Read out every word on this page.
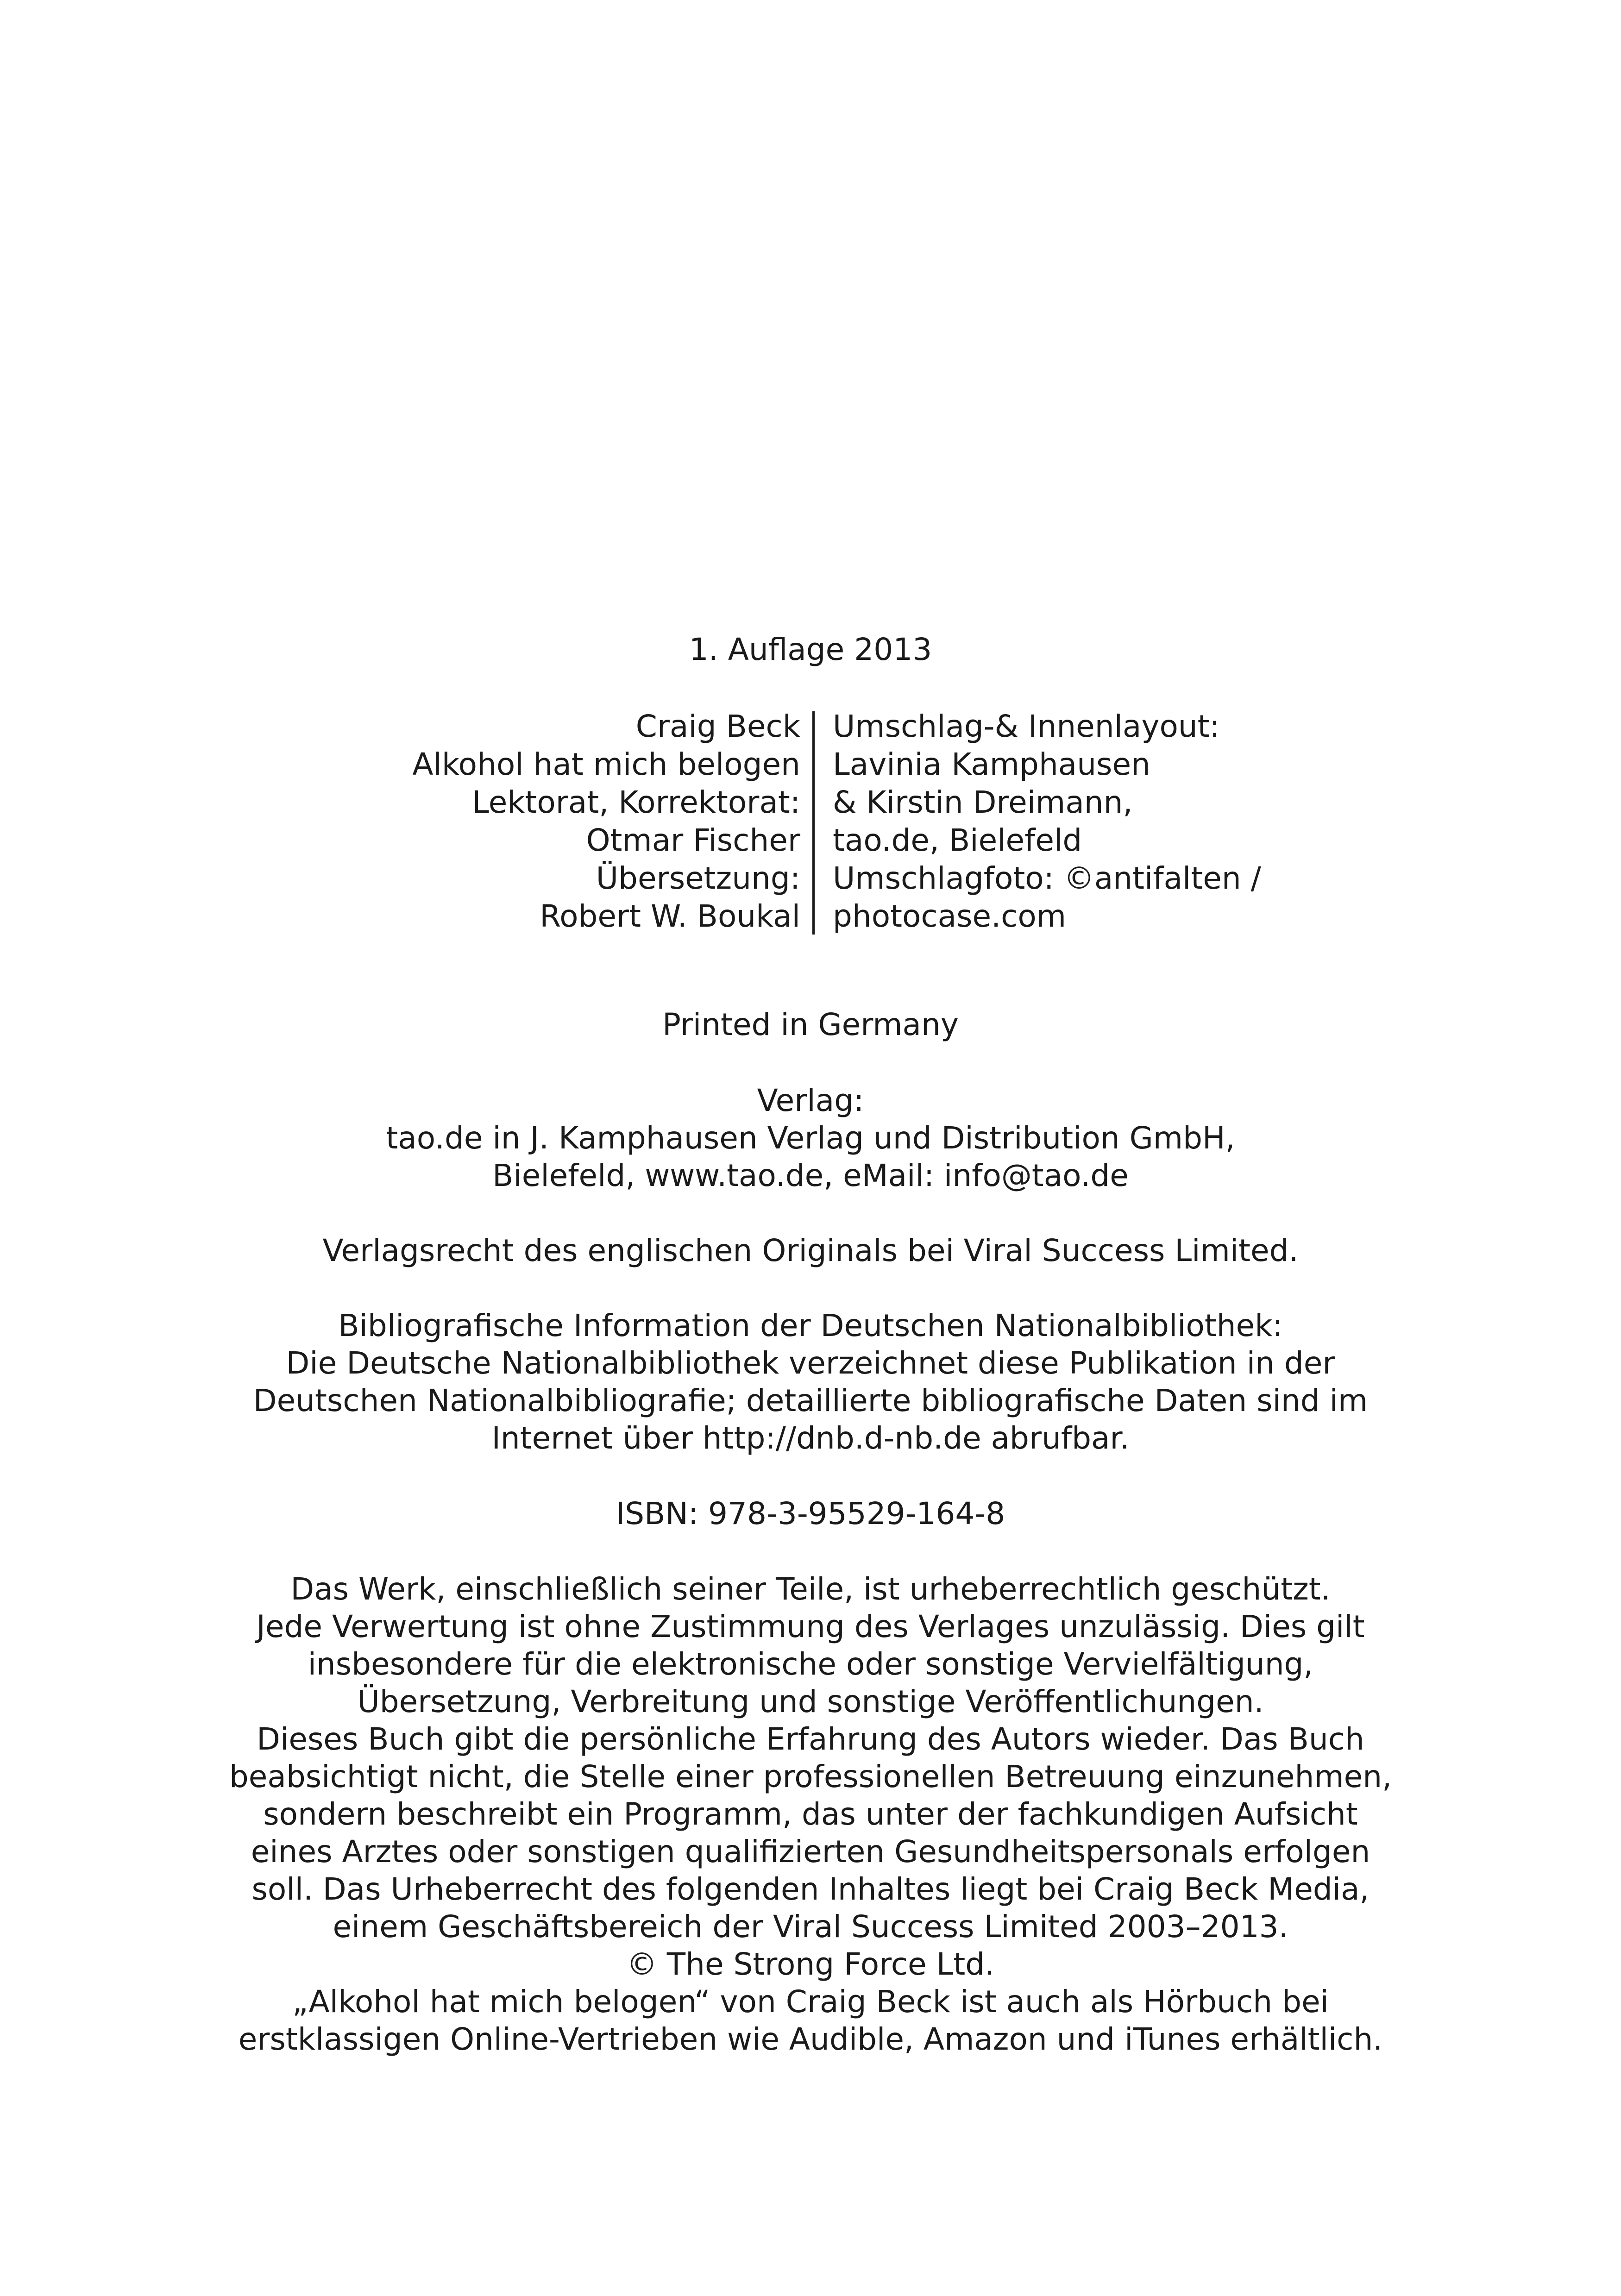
1. Auflage 2013
Craig Beck
Alkohol hat mich belogen
Lektorat, Korrektorat:
Otmar Fischer
Übersetzung:
Robert W. Boukal
Umschlag-& Innenlayout:
Lavinia Kamphausen
& Kirstin Dreimann,
tao.de, Bielefeld
Umschlagfoto: ©antifalten /
photocase.com
Printed in Germany
Verlag:
tao.de in J. Kamphausen Verlag und Distribution GmbH,
Bielefeld, www.tao.de, eMail: info@tao.de
Verlagsrecht des englischen Originals bei Viral Success Limited.
Bibliografische Information der Deutschen Nationalbibliothek:
Die Deutsche Nationalbibliothek verzeichnet diese Publikation in der
Deutschen Nationalbibliografie; detaillierte bibliografische Daten sind im
Internet über http://dnb.d-nb.de abrufbar.
ISBN: 978-3-95529-164-8
Das Werk, einschließlich seiner Teile, ist urheberrechtlich geschützt.
Jede Verwertung ist ohne Zustimmung des Verlages unzulässig. Dies gilt
insbesondere für die elektronische oder sonstige Vervielfältigung,
Übersetzung, Verbreitung und sonstige Veröffentlichungen.
Dieses Buch gibt die persönliche Erfahrung des Autors wieder. Das Buch
beabsichtigt nicht, die Stelle einer professionellen Betreuung einzunehmen,
sondern beschreibt ein Programm, das unter der fachkundigen Aufsicht
eines Arztes oder sonstigen qualifizierten Gesundheitspersonals erfolgen
soll. Das Urheberrecht des folgenden Inhaltes liegt bei Craig Beck Media,
einem Geschäftsbereich der Viral Success Limited 2003–2013.
© The Strong Force Ltd.
„Alkohol hat mich belogen“ von Craig Beck ist auch als Hörbuch bei
erstklassigen Online-Vertrieben wie Audible, Amazon und iTunes erhältlich.
